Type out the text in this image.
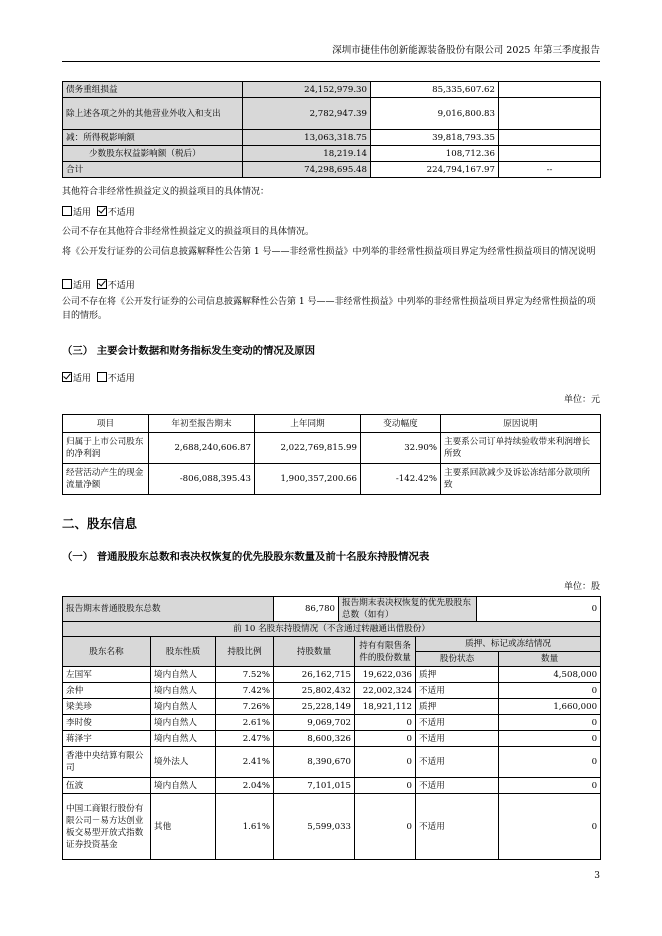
深圳市捷佳伟创新能源装备股份有限公司 2025 年第三季度报告
债务重组损益	24,152,979.30	85,335,607.62	
除上述各项之外的其他营业外收入和支出	2,782,947.39	9,016,800.83	
减：所得税影响额	13,063,318.75	39,818,793.35	
少数股东权益影响额（税后）	18,219.14	108,712.36	
合计	74,298,695.48	224,794,167.97	--
其他符合非经常性损益定义的损益项目的具体情况：
适用 不适用
公司不存在其他符合非经常性损益定义的损益项目的具体情况。
将《公开发行证券的公司信息披露解释性公告第 1 号——非经常性损益》中列举的非经常性损益项目界定为经常性损益项目的情况说明
适用 不适用
公司不存在将《公开发行证券的公司信息披露解释性公告第 1 号——非经常性损益》中列举的非经常性损益项目界定为经常性损益的项目的情形。
（三） 主要会计数据和财务指标发生变动的情况及原因
适用 不适用
单位：元
项目	年初至报告期末	上年同期	变动幅度	原因说明
归属于上市公司股东的净利润	2,688,240,606.87	2,022,769,815.99	32.90%	主要系公司订单持续验收带来利润增长所致
经营活动产生的现金流量净额	-806,088,395.43	1,900,357,200.66	-142.42%	主要系回款减少及诉讼冻结部分款项所致
二、股东信息
（一） 普通股股东总数和表决权恢复的优先股股东数量及前十名股东持股情况表
单位：股
报告期末普通股股东总数			86,780	报告期末表决权恢复的优先股股东总数（如有）			0	
前 10 名股东持股情况（不含通过转融通出借股份）								
股东名称	股东性质	持股比例	持股数量		持有有限售条件的股份数量	质押、标记或冻结情况		
						股份状态		数量
左国军	境内自然人	7.52%	26,162,715		19,622,036	质押		4,508,000
余仲	境内自然人	7.42%	25,802,432		22,002,324	不适用		0
梁美珍	境内自然人	7.26%	25,228,149		18,921,112	质押		1,660,000
李时俊	境内自然人	2.61%	9,069,702		0	不适用		0
蒋泽宇	境内自然人	2.47%	8,600,326		0	不适用		0
香港中央结算有限公司	境外法人	2.41%	8,390,670		0	不适用		0
伍波	境内自然人	2.04%	7,101,015		0	不适用		0
中国工商银行股份有限公司－易方达创业板交易型开放式指数证券投资基金	其他	1.61%	5,599,033		0	不适用		0
3
